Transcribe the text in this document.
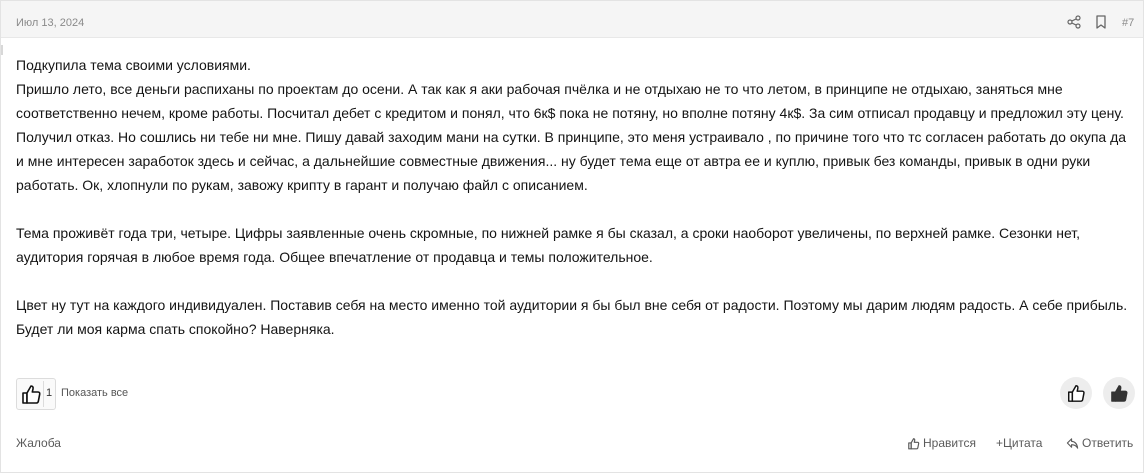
Июл 13, 2024	#7

Подкупила тема своими условиями.

Пришло лето, все деньги распиханы по проектам до осени. А так как я аки рабочая пчёлка и не отдыхаю не то что летом, в принципе не отдыхаю, заняться мне соответственно нечем, кроме работы. Посчитал дебет с кредитом и понял, что 6к$ пока не потяну, но вполне потяну 4к$. За сим отписал продавцу и предложил эту цену. Получил отказ. Но сошлись ни тебе ни мне. Пишу давай заходим мани на сутки. В принципе, это меня устраивало , по причине того что тс согласен работать до окупа да и мне интересен заработок здесь и сейчас, а дальнейшие совместные движения... ну будет тема еще от автра ее и куплю, привык без команды, привык в одни руки работать. Ок, хлопнули по рукам, завожу крипту в гарант и получаю файл с описанием.

Тема проживёт года три, четыре. Цифры заявленные очень скромные, по нижней рамке я бы сказал, а сроки наоборот увеличены, по верхней рамке. Сезонки нет, аудитория горячая в любое время года. Общее впечатление от продавца и темы положительное.

Цвет ну тут на каждого индивидуален. Поставив себя на место именно той аудитории я бы был вне себя от радости. Поэтому мы дарим людям радость. А себе прибыль. Будет ли моя карма спать спокойно? Наверняка.

1 Показать все
Жалоба	Нравится +Цитата	Ответить
